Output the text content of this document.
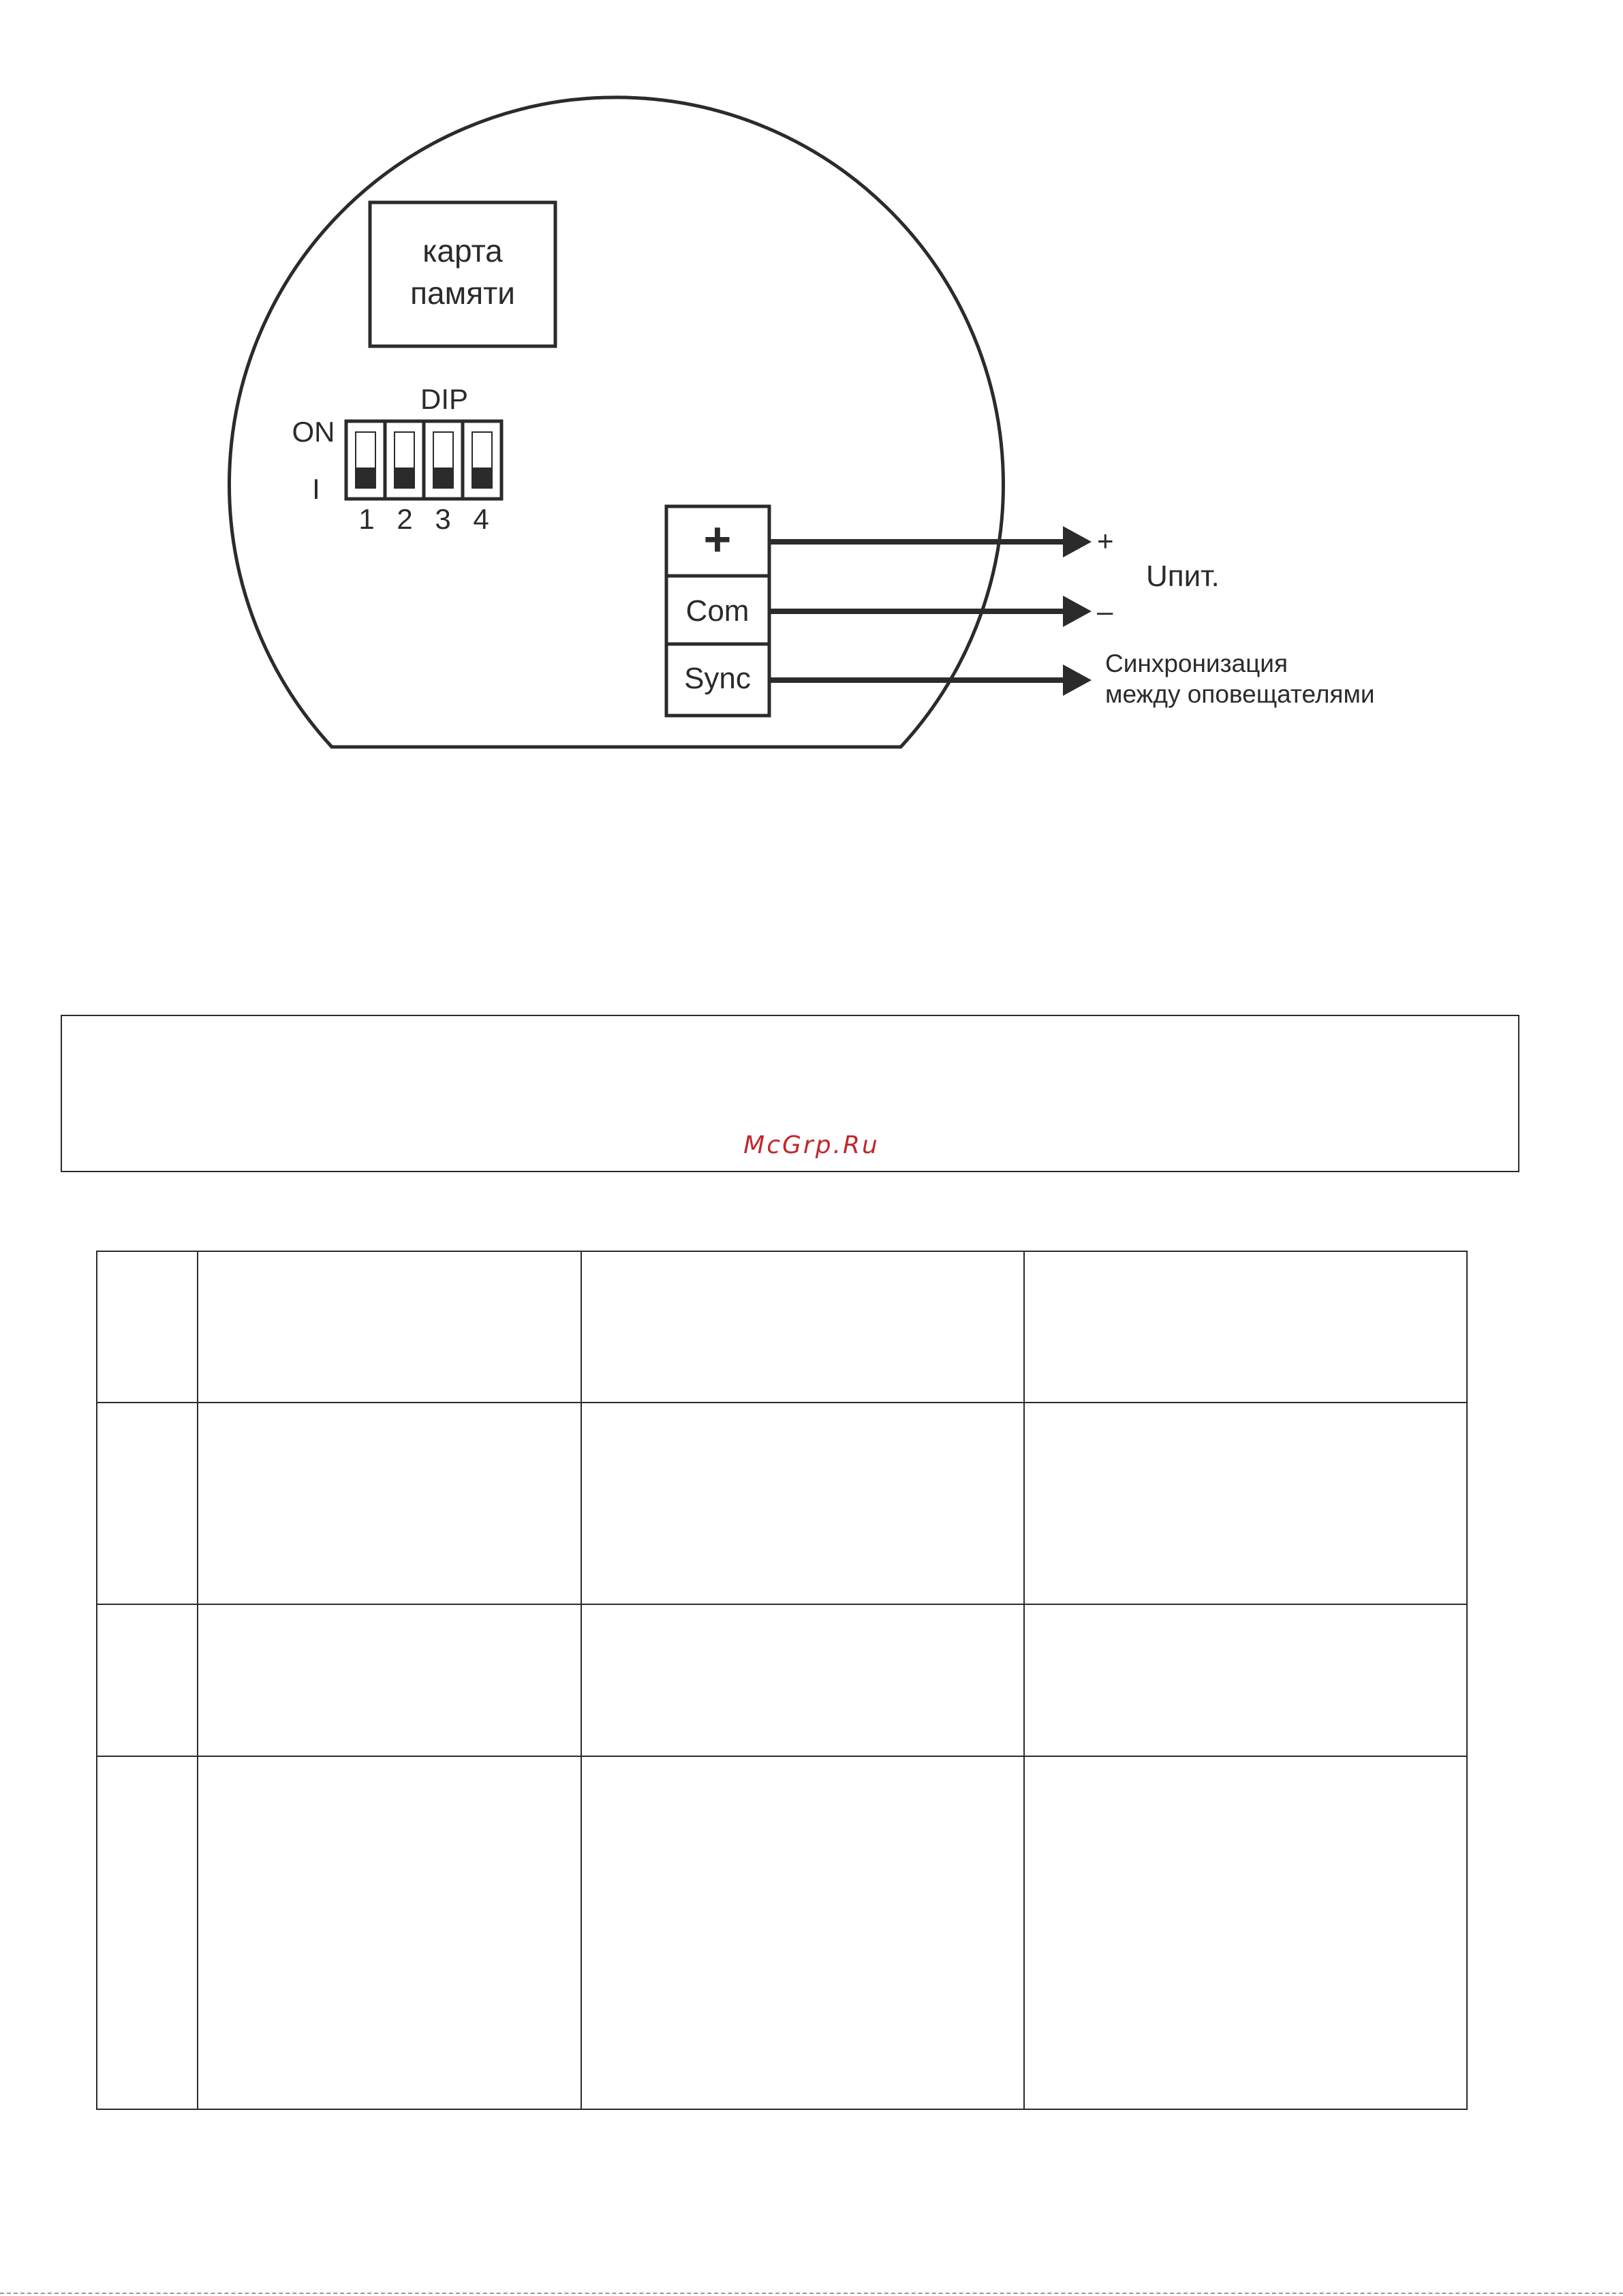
карта
памяти
DIP
ON
I
1 2 3 4	+
Com
Sync
+
–
Uпит.
Синхронизация
между оповещателями
McGrp.Ru
